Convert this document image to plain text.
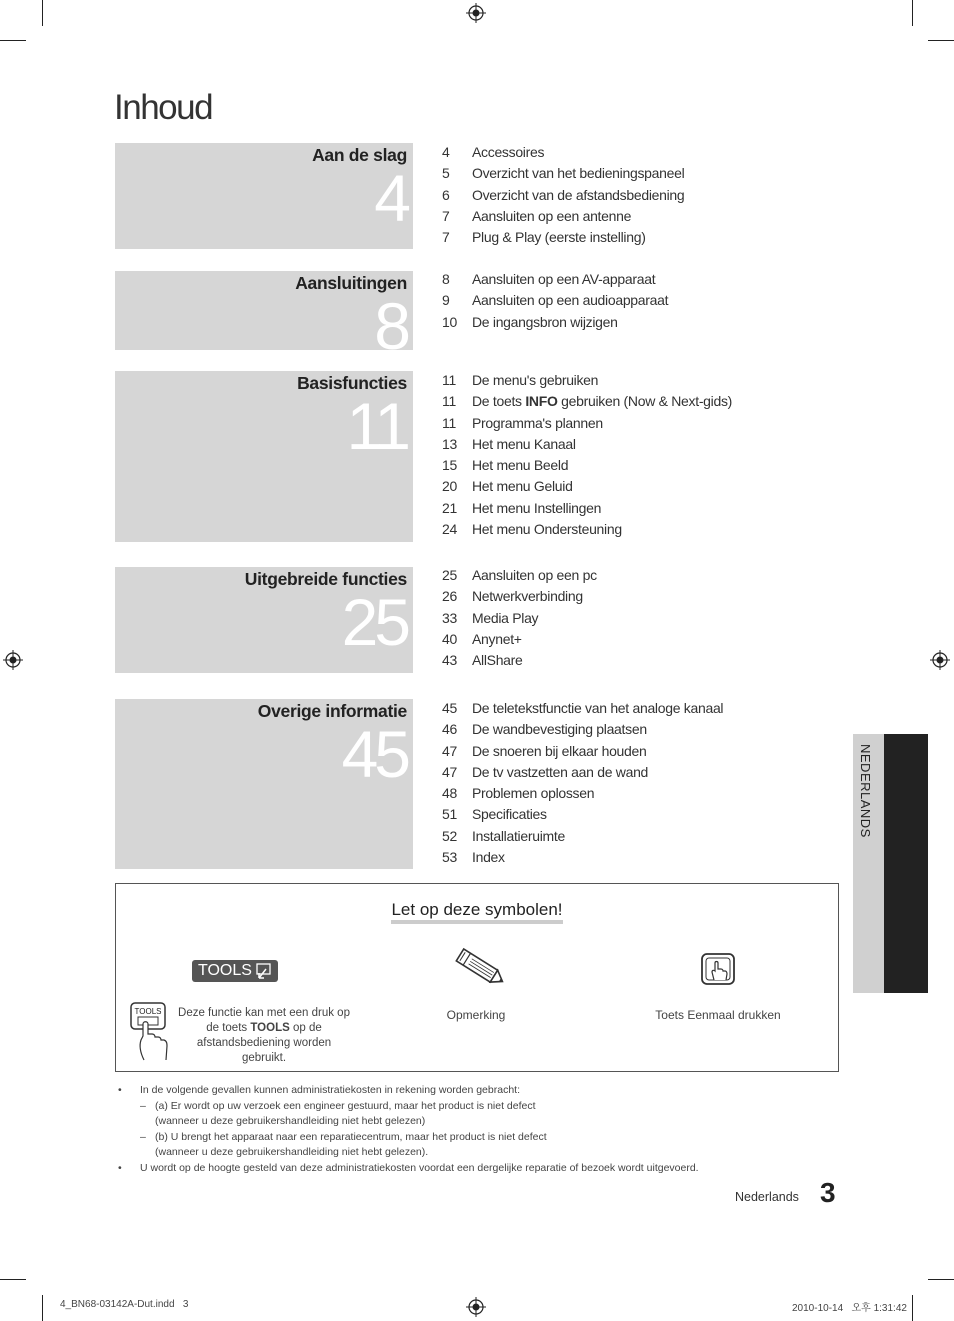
Inhoud
Aan de slag
4
4	Accessoires
5	Overzicht van het bedieningspaneel
6	Overzicht van de afstandsbediening
7	Aansluiten op een antenne
7	Plug & Play (eerste instelling)
Aansluitingen
8
8	Aansluiten op een AV-apparaat
9	Aansluiten op een audioapparaat
10	De ingangsbron wijzigen
Basisfuncties
11
11	De menu's gebruiken
11	De toets INFO gebruiken (Now & Next-gids)
11	Programma's plannen
13	Het menu Kanaal
15	Het menu Beeld
20	Het menu Geluid
21	Het menu Instellingen
24	Het menu Ondersteuning
Uitgebreide functies
25
25	Aansluiten op een pc
26	Netwerkverbinding
33	Media Play
40	Anynet+
43	AllShare
Overige informatie
45
45	De teletekstfunctie van het analoge kanaal
46	De wandbevestiging plaatsen
47	De snoeren bij elkaar houden
47	De tv vastzetten aan de wand
48	Problemen oplossen
51	Specificaties
52	Installatieruimte
53	Index
NEDERLANDS
Let op deze symbolen!
TOOLS
TOOLS	Deze functie kan met een druk op de toets TOOLS op de afstandsbediening worden gebruikt.
Opmerking	Toets Eenmaal drukken
•	In de volgende gevallen kunnen administratiekosten in rekening worden gebracht:
– (a) Er wordt op uw verzoek een engineer gestuurd, maar het product is niet defect
(wanneer u deze gebruikershandleiding niet hebt gelezen)
– (b) U brengt het apparaat naar een reparatiecentrum, maar het product is niet defect
(wanneer u deze gebruikershandleiding niet hebt gelezen).
•	U wordt op de hoogte gesteld van deze administratiekosten voordat een dergelijke reparatie of bezoek wordt uitgevoerd.
Nederlands 3
4_BN68-03142A-Dut.indd   3	2010-10-14   오후 1:31:42
